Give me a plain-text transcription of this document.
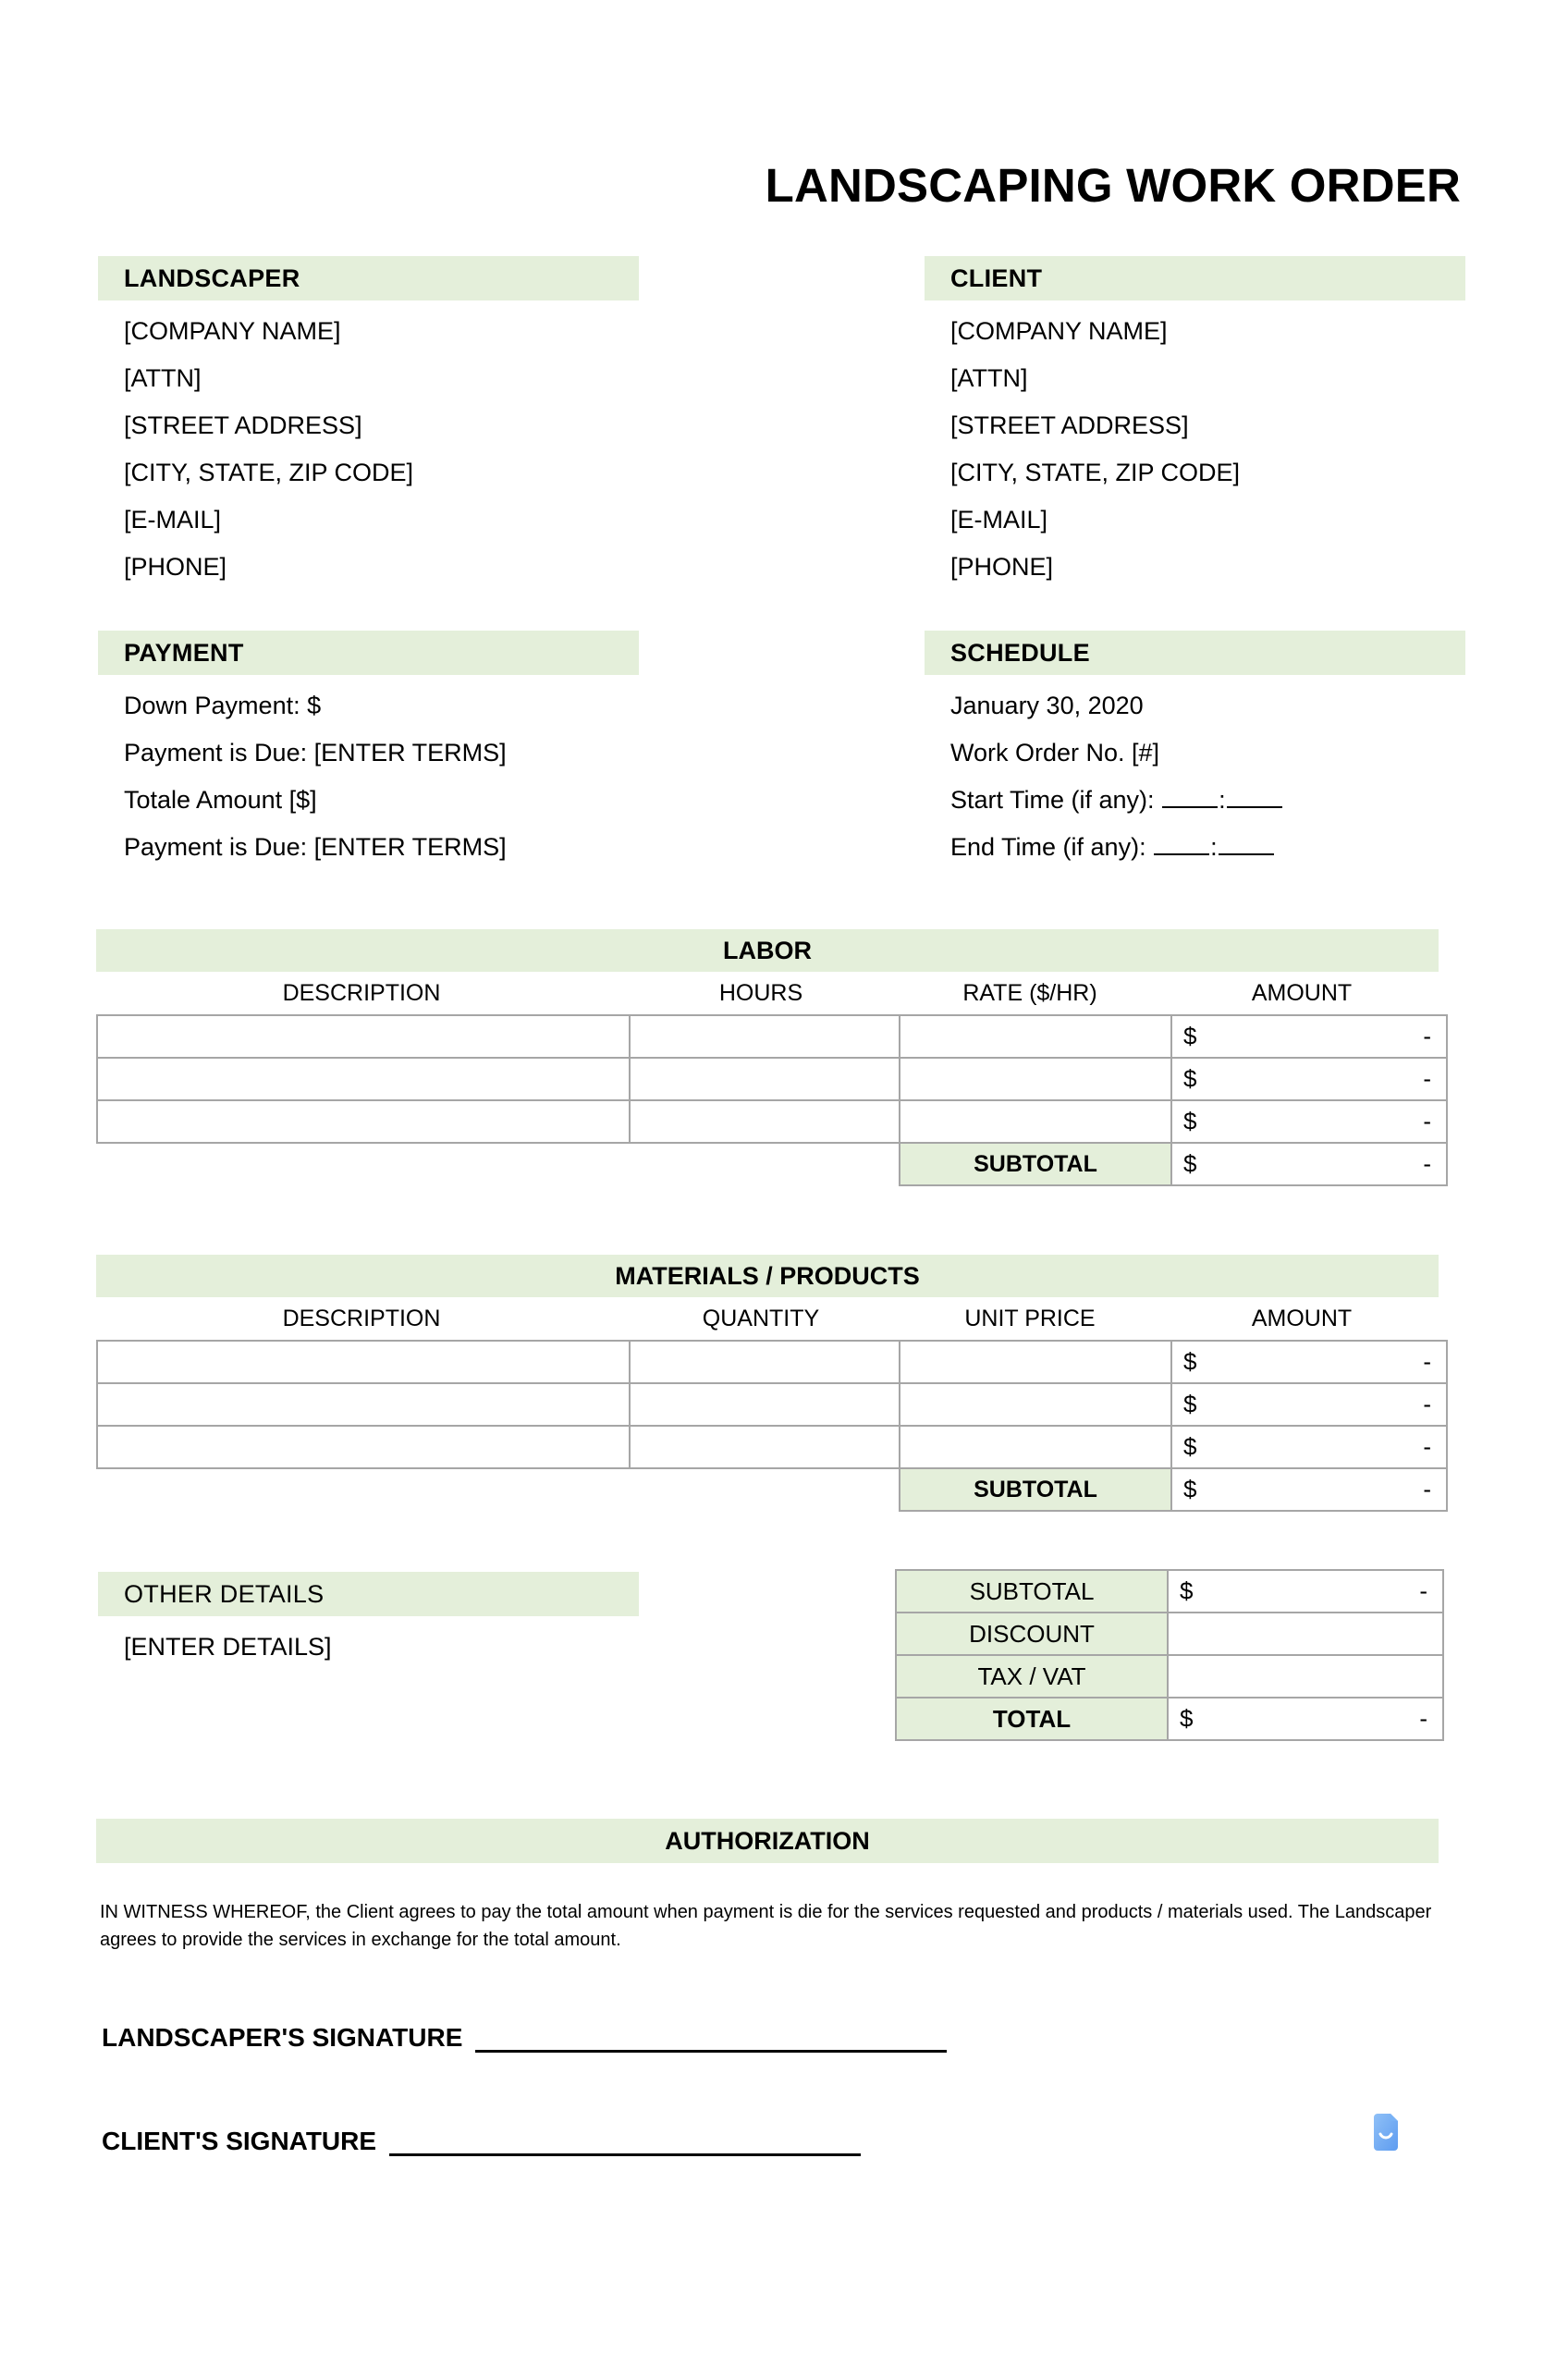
LANDSCAPING WORK ORDER
LANDSCAPER
[COMPANY NAME]
[ATTN]
[STREET ADDRESS]
[CITY, STATE, ZIP CODE]
[E-MAIL]
[PHONE]
CLIENT
[COMPANY NAME]
[ATTN]
[STREET ADDRESS]
[CITY, STATE, ZIP CODE]
[E-MAIL]
[PHONE]
PAYMENT
Down Payment: $
Payment is Due: [ENTER TERMS]
Totale Amount [$]
Payment is Due: [ENTER TERMS]
SCHEDULE
January 30, 2020
Work Order No. [#]
Start Time (if any):	:
End Time (if any):	:
LABOR
DESCRIPTION	HOURS	RATE ($/HR)	AMOUNT

			$ -

			$ -

			$ -

		SUBTOTAL	$ -
MATERIALS / PRODUCTS
DESCRIPTION	QUANTITY	UNIT PRICE	AMOUNT

			$ -

			$ -

			$ -

		SUBTOTAL	$ -
OTHER DETAILS
[ENTER DETAILS]
SUBTOTAL	$ -

DISCOUNT	

TAX / VAT	

TOTAL	$ -
AUTHORIZATION
IN WITNESS WHEREOF, the Client agrees to pay the total amount when payment is die for the services requested and products / materials used. The Landscaper agrees to provide the services in exchange for the total amount.
LANDSCAPER'S SIGNATURE
CLIENT'S SIGNATURE
